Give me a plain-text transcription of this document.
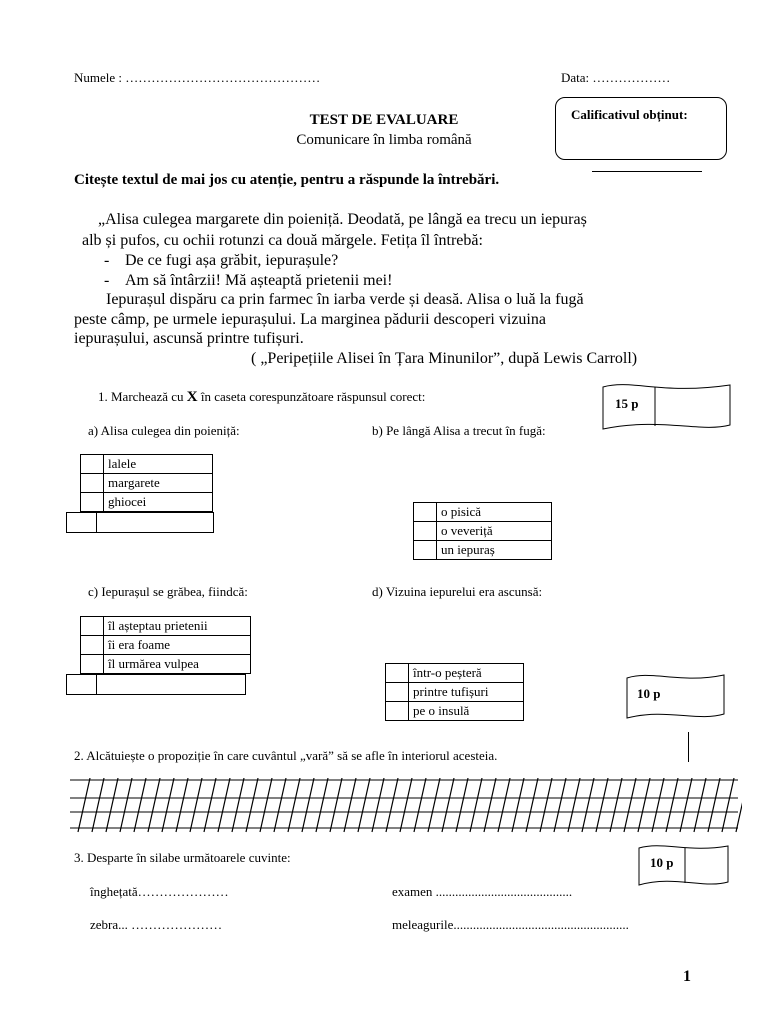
Numele : ………………………………………	Data: ………………
Calificativul obținut:
TEST DE EVALUARE
Comunicare în limba română
Citește textul de mai jos cu atenție, pentru a răspunde la întrebări.
„Alisa culegea margarete din poieniță. Deodată, pe lângă ea trecu un iepuraș
alb și pufos, cu ochii rotunzi ca două mărgele. Fetița îl întrebă:
- De ce fugi așa grăbit, iepurașule?
- Am să întârzii! Mă așteaptă prietenii mei!
Iepurașul dispăru ca prin farmec în iarba verde și deasă. Alisa o luă la fugă
peste câmp, pe urmele iepurașului. La marginea pădurii descoperi vizuina
iepurașului, ascunsă printre tufișuri.
( „Peripețiile Alisei în Țara Minunilor”, după Lewis Carroll)
1. Marchează cu X în caseta corespunzătoare răspunsul corect:	15 p
a) Alisa culegea din poieniță:
	lalele
	margarete
	ghiocei
b) Pe lângă Alisa a trecut în fugă:
	o pisică
	o veveriță
	un iepuraș
c) Iepurașul se grăbea, fiindcă:
	îl așteptau prietenii
	îi era foame
	îl urmărea vulpea
d) Vizuina iepurelui era ascunsă:
	într-o peșteră
	printre tufișuri
	pe o insulă
10 p
2. Alcătuiește o propoziție în care cuvântul „vară” să se afle în interiorul acesteia.
3. Desparte în silabe următoarele cuvinte:	10 p
înghețată…………………	examen ..........................................
zebra... …………………	meleagurile......................................................
1
